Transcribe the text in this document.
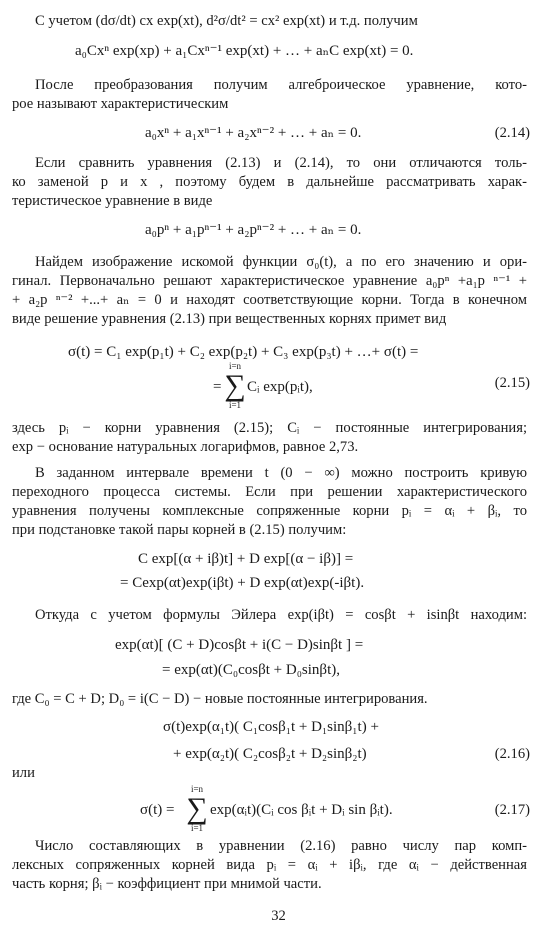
С учетом (dσ/dt) cx exp(xt), d²σ/dt² = cx² exp(xt) и т.д. получим
a₀Cxⁿ exp(xp) + a₁Cxⁿ⁻¹ exp(xt) + … + aₙC exp(xt) = 0.
После преобразования получим алгеброическое уравнение, кото-
рое называют характеристическим
a₀xⁿ + a₁xⁿ⁻¹ + a₂xⁿ⁻² + … + aₙ = 0.	(2.14)
Если сравнить уравнения (2.13) и (2.14), то они отличаются толь-
ко заменой p и x , поэтому будем в дальнейше рассматривать харак-
теристическое уравнение в виде
a₀pⁿ + a₁pⁿ⁻¹ + a₂pⁿ⁻² + … + aₙ = 0.
Найдем изображение искомой функции σ₀(t), а по его значению и ори-
гинал. Первоначально решают характеристическое уравнение a₀pⁿ +a₁p ⁿ⁻¹ +
+ a₂p ⁿ⁻² +...+ aₙ = 0 и находят соответствующие корни. Тогда в конечном
виде решение уравнения (2.13) при вещественных корнях примет вид
σ(t) = C₁ exp(p₁t) + C₂ exp(p₂t) + C₃ exp(p₃t) + …+ σ(t) =
=
i=n
∑
i=1
Cᵢ exp(pᵢt),	(2.15)
здесь pᵢ − корни уравнения (2.15); Cᵢ − постоянные интегрирования;
exp − основание натуральных логарифмов, равное 2,73.
В заданном интервале времени t (0 − ∞) можно построить кривую
переходного процесса системы. Если при решении характеристического
уравнения получены комплексные сопряженные корни pᵢ = αᵢ + βᵢ, то
при подстановке такой пары корней в (2.15) получим:
C exp[(α + iβ)t] + D exp[(α − iβ)] =
= Cexp(αt)exp(iβt) + D exp(αt)exp(-iβt).
Откуда с учетом формулы Эйлера exp(iβt) = cosβt + isinβt находим:
exp(αt)[ (C + D)cosβt + i(C − D)sinβt ] =
= exp(αt)(C₀cosβt + D₀sinβt),
где C₀ = C + D; D₀ = i(C − D) − новые постоянные интегрирования.
σ(t)exp(α₁t)( C₁cosβ₁t + D₁sinβ₁t) +
+ exp(α₂t)( C₂cosβ₂t + D₂sinβ₂t)	(2.16)
или
σ(t) =
i=n
∑
i=1
exp(αᵢt)(Cᵢ cos βᵢt + Dᵢ sin βᵢt).	(2.17)
Число составляющих в уравнении (2.16) равно числу пар комп-
лексных сопряженных корней вида pᵢ = αᵢ + iβᵢ, где αᵢ − действенная
часть корня; βᵢ − коэффициент при мнимой части.
32
